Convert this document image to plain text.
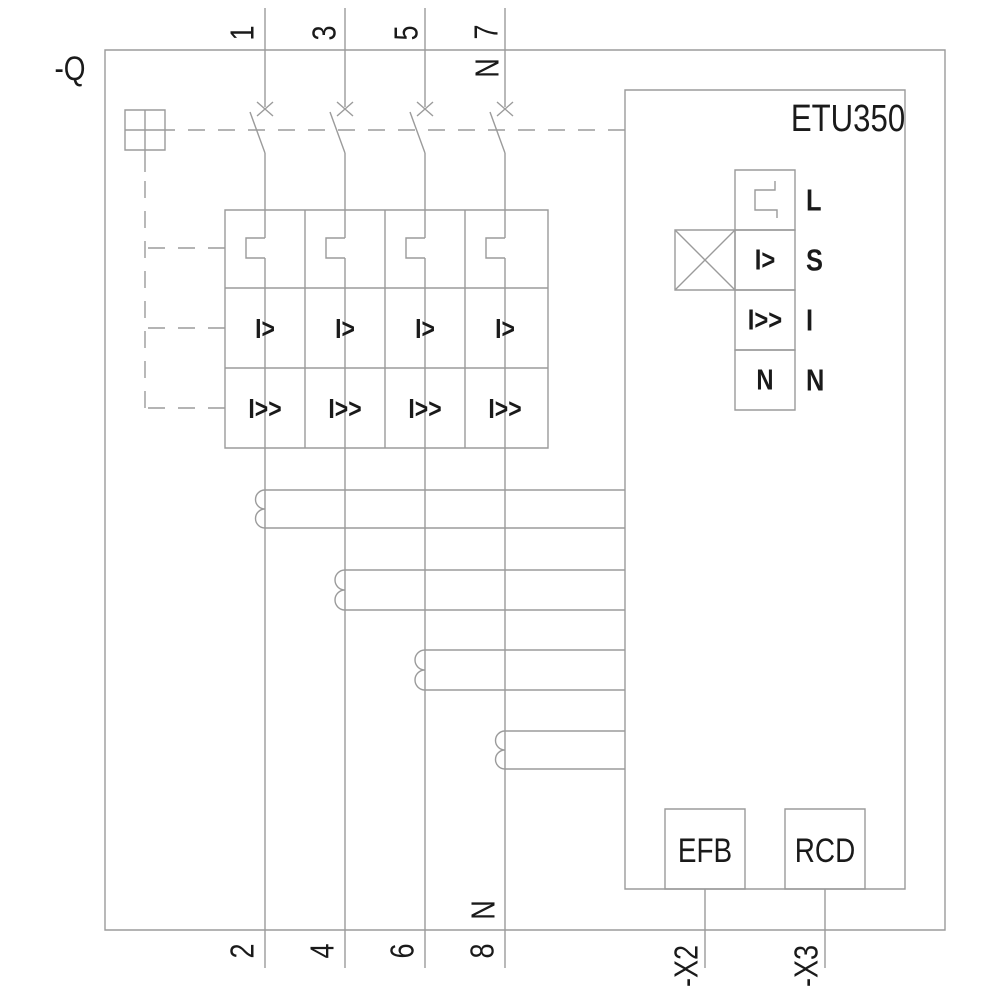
-Q
1 3 5 7
N
2 4 6 8
N
-X2	-X3
ETU350
I> I> I> I>
I>> I>> I>> I>>
I>
I>>
N
L
S
I
N
EFB RCD
